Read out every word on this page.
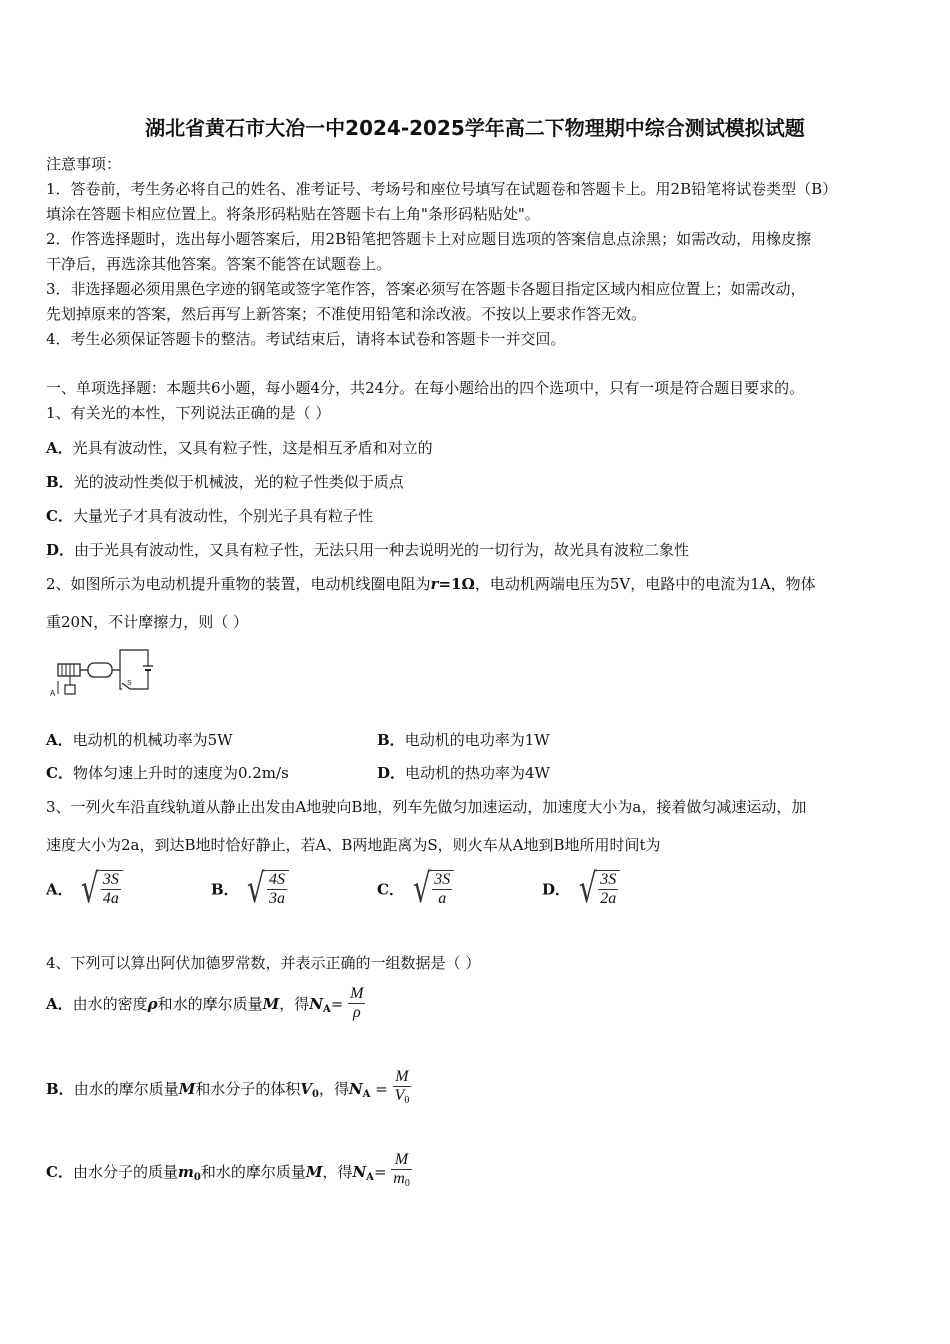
湖北省黄石市大冶一中2024-2025学年高二下物理期中综合测试模拟试题
注意事项：
1．答卷前，考生务必将自己的姓名、准考证号、考场号和座位号填写在试题卷和答题卡上。用2B铅笔将试卷类型（B）
填涂在答题卡相应位置上。将条形码粘贴在答题卡右上角"条形码粘贴处"。
2．作答选择题时，选出每小题答案后，用2B铅笔把答题卡上对应题目选项的答案信息点涂黑；如需改动，用橡皮擦
干净后，再选涂其他答案。答案不能答在试题卷上。
3．非选择题必须用黑色字迹的钢笔或签字笔作答，答案必须写在答题卡各题目指定区域内相应位置上；如需改动，
先划掉原来的答案，然后再写上新答案；不准使用铅笔和涂改液。不按以上要求作答无效。
4．考生必须保证答题卡的整洁。考试结束后，请将本试卷和答题卡一并交回。
一、单项选择题：本题共6小题，每小题4分，共24分。在每小题给出的四个选项中，只有一项是符合题目要求的。
1、有关光的本性，下列说法正确的是（ ）
A．光具有波动性，又具有粒子性，这是相互矛盾和对立的
B．光的波动性类似于机械波，光的粒子性类似于质点
C．大量光子才具有波动性，个别光子具有粒子性
D．由于光具有波动性，又具有粒子性，无法只用一种去说明光的一切行为，故光具有波粒二象性
2、如图所示为电动机提升重物的装置，电动机线圈电阻为r=1Ω，电动机两端电压为5V，电路中的电流为1A，物体
重20N，不计摩擦力，则（ ）
S
A
A．电动机的机械功率为5W	B．电动机的电功率为1W
C．物体匀速上升时的速度为0.2m/s	D．电动机的热功率为4W
3、一列火车沿直线轨道从静止出发由A地驶向B地，列车先做匀加速运动，加速度大小为a，接着做匀减速运动，加
速度大小为2a，到达B地时恰好静止，若A、B两地距离为S，则火车从A地到B地所用时间t为
A． √ $\frac{3S}{4a}$	B． √ $\frac{4S}{3a}$	C． √ $\frac{3S}{a}$	D． √ $\frac{3S}{2a}$
4、下列可以算出阿伏加德罗常数，并表示正确的一组数据是（ ）
A．由水的密度ρ和水的摩尔质量M，得$N_A= \frac{M}{\rho}$
B．由水的摩尔质量M和水分子的体积$V_0$，得$N_A = \frac{M}{V0}$
C．由水分子的质量$m_0$和水的摩尔质量M，得$N_A= \frac{M}{m0}$
